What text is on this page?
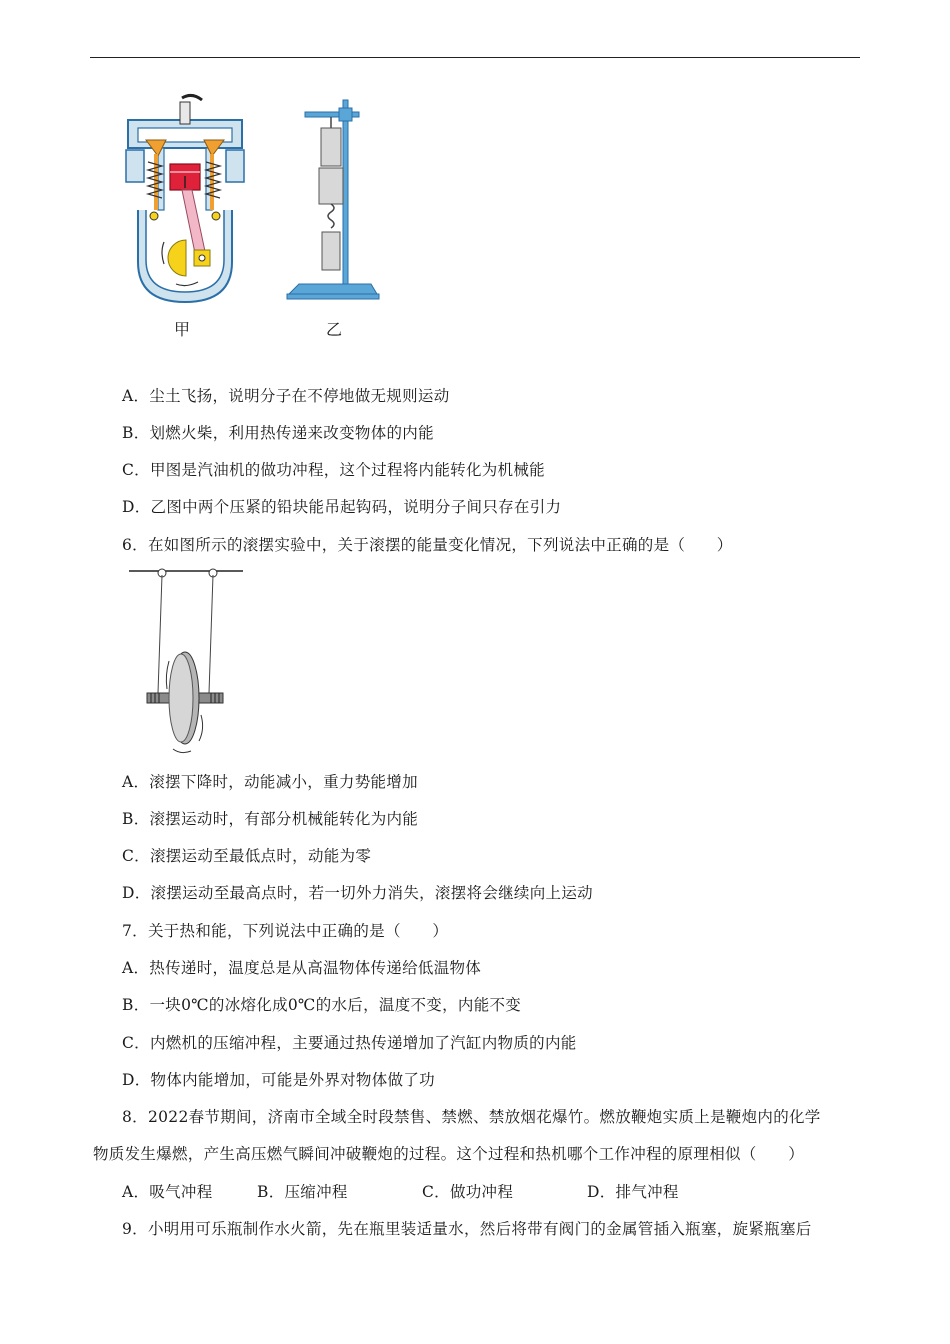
甲	乙
A．尘土飞扬，说明分子在不停地做无规则运动
B．划燃火柴，利用热传递来改变物体的内能
C．甲图是汽油机的做功冲程，这个过程将内能转化为机械能
D．乙图中两个压紧的铅块能吊起钩码，说明分子间只存在引力
6．在如图所示的滚摆实验中，关于滚摆的能量变化情况，下列说法中正确的是（　　）
A．滚摆下降时，动能减小，重力势能增加
B．滚摆运动时，有部分机械能转化为内能
C．滚摆运动至最低点时，动能为零
D．滚摆运动至最高点时，若一切外力消失，滚摆将会继续向上运动
7．关于热和能，下列说法中正确的是（　　）
A．热传递时，温度总是从高温物体传递给低温物体
B．一块0℃的冰熔化成0℃的水后，温度不变，内能不变
C．内燃机的压缩冲程，主要通过热传递增加了汽缸内物质的内能
D．物体内能增加，可能是外界对物体做了功
8．2022春节期间，济南市全域全时段禁售、禁燃、禁放烟花爆竹。燃放鞭炮实质上是鞭炮内的化学
物质发生爆燃，产生高压燃气瞬间冲破鞭炮的过程。这个过程和热机哪个工作冲程的原理相似（　　）
A．吸气冲程	B．压缩冲程	C．做功冲程	D．排气冲程
9．小明用可乐瓶制作水火箭，先在瓶里装适量水，然后将带有阀门的金属管插入瓶塞，旋紧瓶塞后
